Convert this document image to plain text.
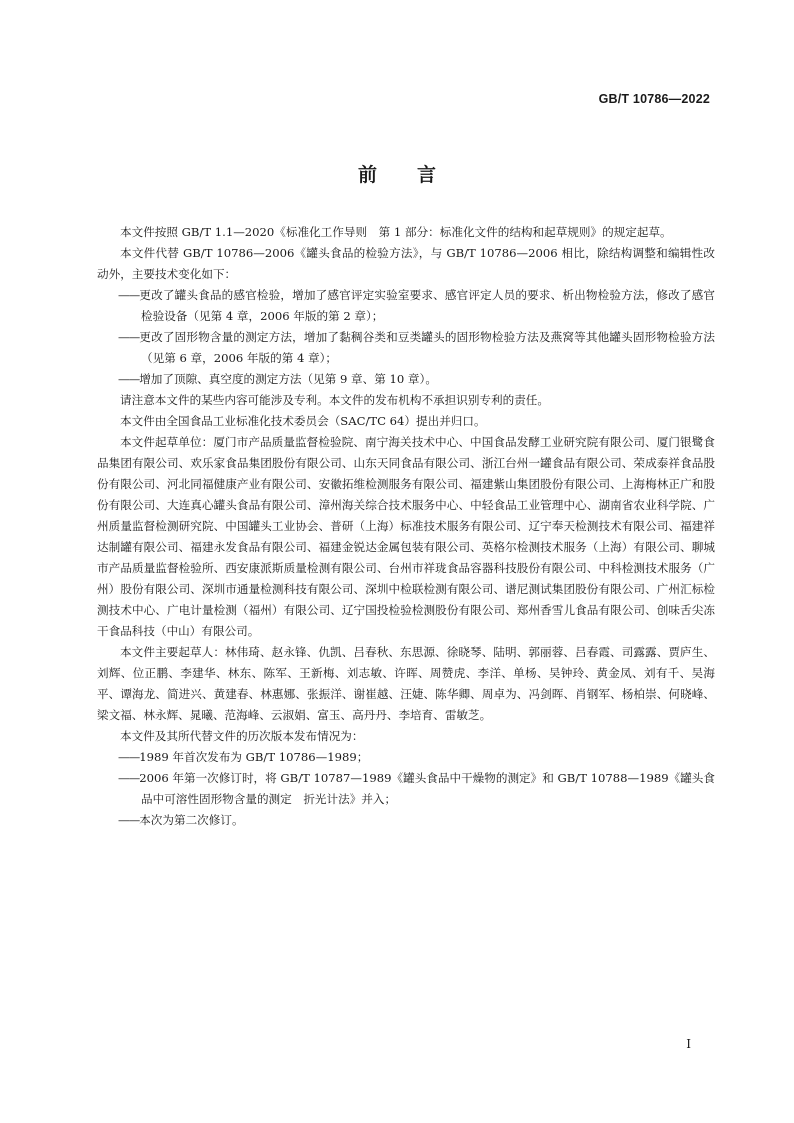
GB/T 10786—2022
前言

本文件按照 GB/T 1.1—2020《标准化工作导则　第 1 部分：标准化文件的结构和起草规则》的规定起草。

本文件代替 GB/T 10786—2006《罐头食品的检验方法》，与 GB/T 10786—2006 相比，除结构调整和编辑性改动外，主要技术变化如下：

——更改了罐头食品的感官检验，增加了感官评定实验室要求、感官评定人员的要求、析出物检验方法，修改了感官检验设备（见第 4 章，2006 年版的第 2 章）；

——更改了固形物含量的测定方法，增加了黏稠谷类和豆类罐头的固形物检验方法及燕窝等其他罐头固形物检验方法（见第 6 章，2006 年版的第 4 章）；

——增加了顶隙、真空度的测定方法（见第 9 章、第 10 章）。

请注意本文件的某些内容可能涉及专利。本文件的发布机构不承担识别专利的责任。

本文件由全国食品工业标准化技术委员会（SAC/TC 64）提出并归口。

本文件起草单位：厦门市产品质量监督检验院、南宁海关技术中心、中国食品发酵工业研究院有限公司、厦门银鹭食品集团有限公司、欢乐家食品集团股份有限公司、山东天同食品有限公司、浙江台州一罐食品有限公司、荣成泰祥食品股份有限公司、河北同福健康产业有限公司、安徽拓维检测服务有限公司、福建紫山集团股份有限公司、上海梅林正广和股份有限公司、大连真心罐头食品有限公司、漳州海关综合技术服务中心、中轻食品工业管理中心、湖南省农业科学院、广州质量监督检测研究院、中国罐头工业协会、普研（上海）标准技术服务有限公司、辽宁奉天检测技术有限公司、福建祥达制罐有限公司、福建永发食品有限公司、福建金锐达金属包装有限公司、英格尔检测技术服务（上海）有限公司、聊城市产品质量监督检验所、西安康派斯质量检测有限公司、台州市祥珑食品容器科技股份有限公司、中科检测技术服务（广州）股份有限公司、深圳市通量检测科技有限公司、深圳中检联检测有限公司、谱尼测试集团股份有限公司、广州汇标检测技术中心、广电计量检测（福州）有限公司、辽宁国投检验检测股份有限公司、郑州香雪儿食品有限公司、创味舌尖冻干食品科技（中山）有限公司。

本文件主要起草人：林伟琦、赵永锋、仇凯、吕春秋、东思源、徐晓琴、陆明、郭丽蓉、吕春霞、司露露、贾庐生、刘辉、位正鹏、李建华、林东、陈军、王新梅、刘志敏、许晖、周赞虎、李洋、单杨、吴钟玲、黄金凤、刘有千、吴海平、谭海龙、简进兴、黄建春、林惠娜、张振洋、谢崔越、汪婕、陈华卿、周卓为、冯剑晖、肖钢军、杨柏崇、何晓峰、梁文福、林永辉、晁曦、范海峰、云淑娟、富玉、高丹丹、李培育、雷敏芝。

本文件及其所代替文件的历次版本发布情况为：

——1989 年首次发布为 GB/T 10786—1989；

——2006 年第一次修订时，将 GB/T 10787—1989《罐头食品中干燥物的测定》和 GB/T 10788—1989《罐头食品中可溶性固形物含量的测定　折光计法》并入；

——本次为第二次修订。

I
